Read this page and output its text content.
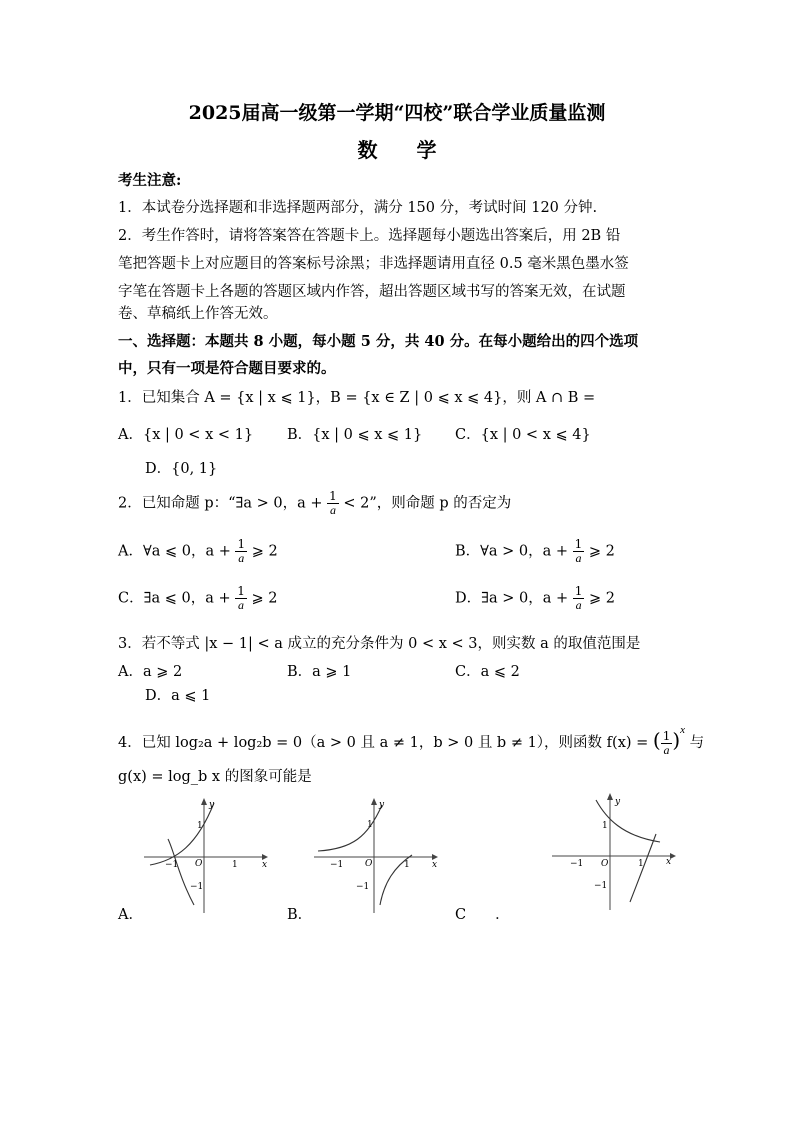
2025届高一级第一学期“四校”联合学业质量监测
数 学
考生注意:
1．本试卷分选择题和非选择题两部分，满分 150 分，考试时间 120 分钟.
2．考生作答时，请将答案答在答题卡上。选择题每小题选出答案后，用 2B 铅
笔把答题卡上对应题目的答案标号涂黑；非选择题请用直径 0.5 毫米黑色墨水签
字笔在答题卡上各题的答题区域内作答，超出答题区域书写的答案无效，在试题
卷、草稿纸上作答无效。
一、选择题：本题共 8 小题，每小题 5 分，共 40 分。在每小题给出的四个选项
中，只有一项是符合题目要求的。
1．已知集合 A = {x | x ⩽ 1}，B = {x ∈ Z | 0 ⩽ x ⩽ 4}，则 A ∩ B =
A．{x | 0 < x < 1} B．{x | 0 ⩽ x ⩽ 1} C．{x | 0 < x ⩽ 4}
D．{0, 1}
2．已知命题 p：“∃a > 0，$a + \frac{1}{a} < 2$”，则命题 p 的否定为
A．∀a ⩽ 0，$a + \frac{1}{a}$ ⩾ 2	B．∀a > 0，$a + \frac{1}{a}$ ⩾ 2
C．∃a ⩽ 0，$a + \frac{1}{a}$ ⩾ 2	D．∃a > 0，$a + \frac{1}{a}$ ⩾ 2
3．若不等式 |x − 1| < a 成立的充分条件为 0 < x < 3，则实数 a 的取值范围是
A．a ⩾ 2	B．a ⩾ 1	C．a ⩽ 2
D．a ⩽ 1
4．已知 log₂a + log₂b = 0（a > 0 且 a ≠ 1，b > 0 且 b ≠ 1），则函数 f(x) = ( $\frac{1}{a} )^x$ 与
g(x) = log_b x 的图象可能是
x
y
O
1
1
−1
−1
x
y
O
1
1
−1
−1
x
y
O
1
1
−1
−1
A．	B．	C　　．
